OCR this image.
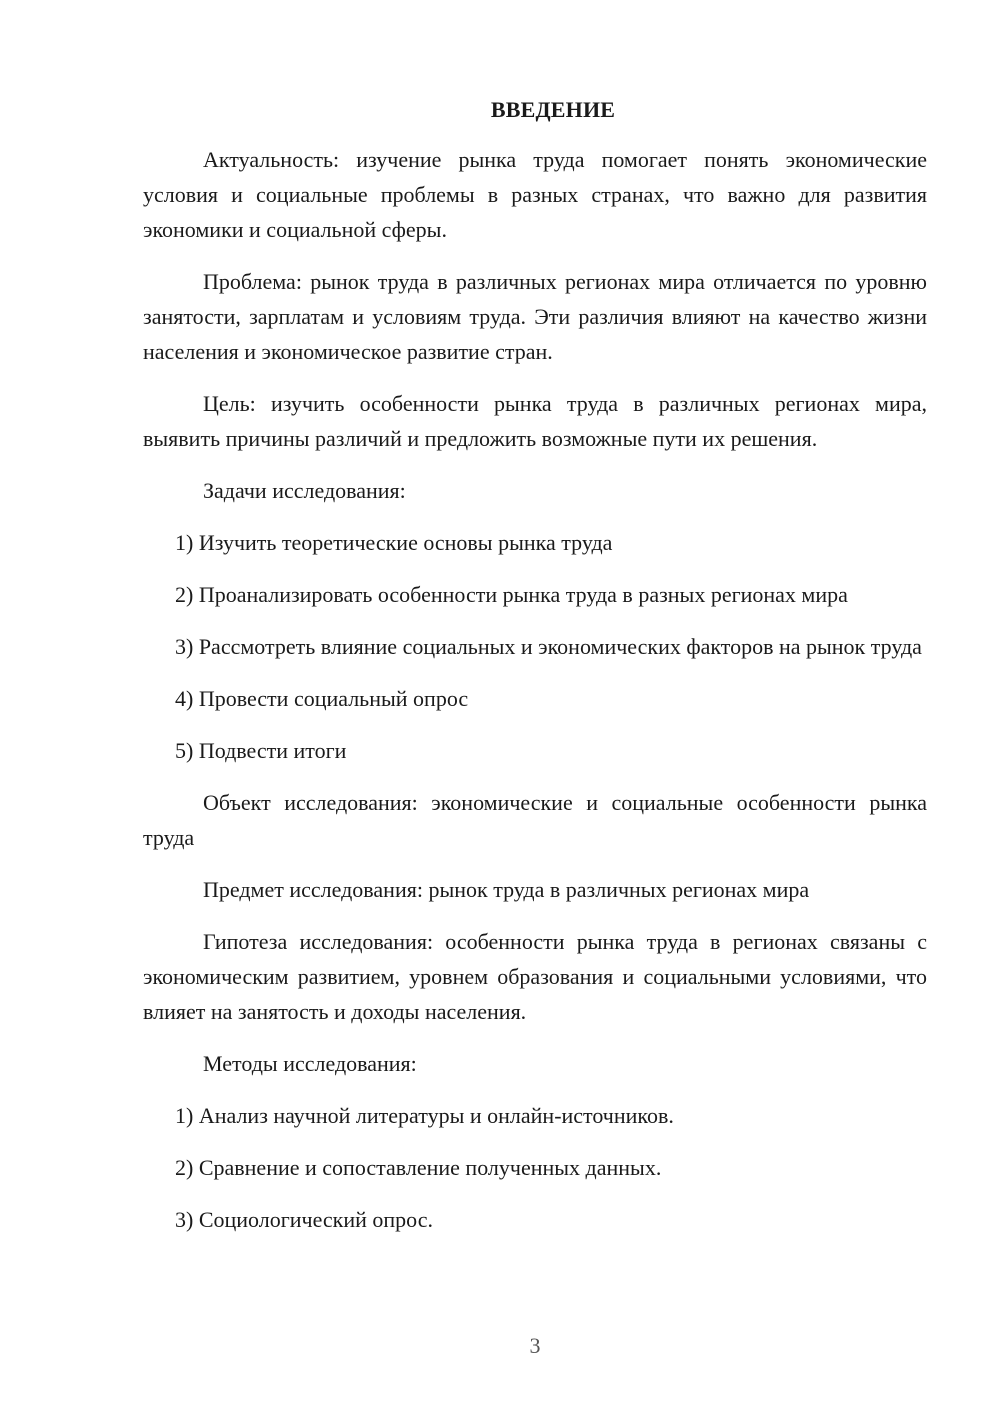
ВВЕДЕНИЕ

Актуальность: изучение рынка труда помогает понять экономические условия и социальные проблемы в разных странах, что важно для развития экономики и социальной сферы.

Проблема: рынок труда в различных регионах мира отличается по уровню занятости, зарплатам и условиям труда. Эти различия влияют на качество жизни населения и экономическое развитие стран.

Цель: изучить особенности рынка труда в различных регионах мира, выявить причины различий и предложить возможные пути их решения.

Задачи исследования:

1) Изучить теоретические основы рынка труда

2) Проанализировать особенности рынка труда в разных регионах мира

3) Рассмотреть влияние социальных и экономических факторов на рынок труда

4) Провести социальный опрос

5) Подвести итоги

Объект исследования: экономические и социальные особенности рынка труда

Предмет исследования: рынок труда в различных регионах мира

Гипотеза исследования: особенности рынка труда в регионах связаны с экономическим развитием, уровнем образования и социальными условиями, что влияет на занятость и доходы населения.

Методы исследования:

1) Анализ научной литературы и онлайн-источников.

2) Сравнение и сопоставление полученных данных.

3) Социологический опрос.

3
